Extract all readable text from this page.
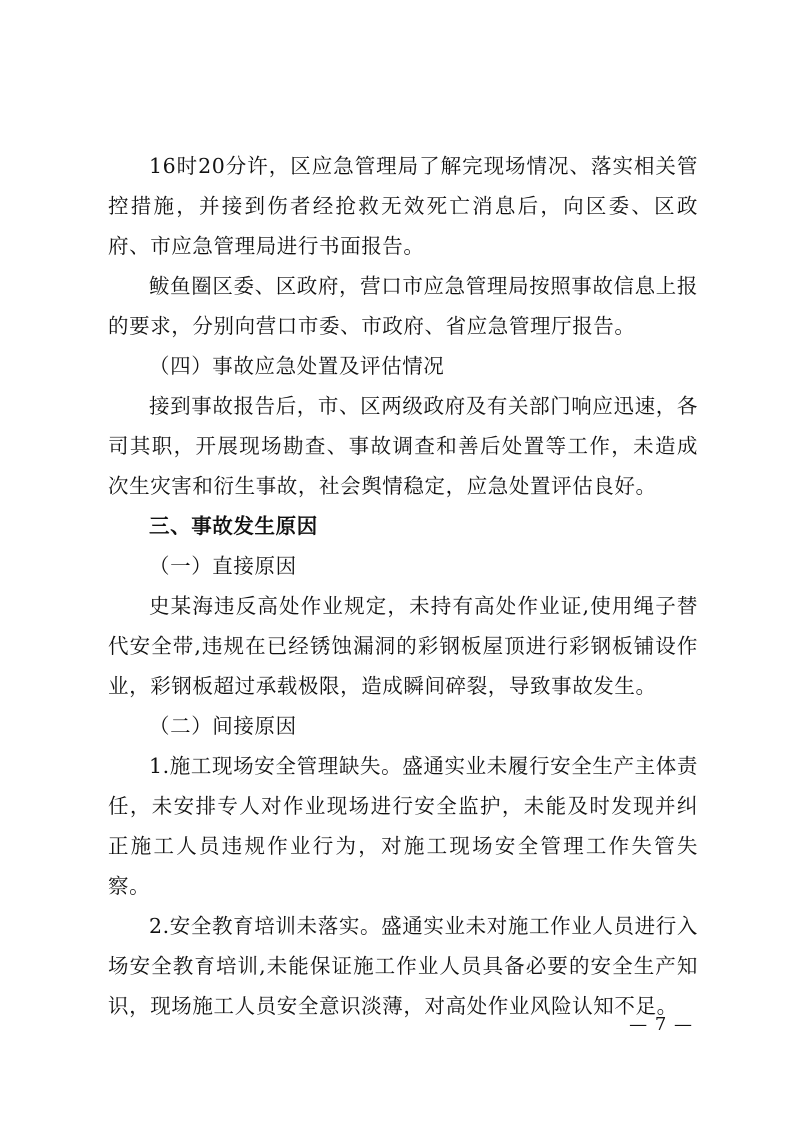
16时20分许，区应急管理局了解完现场情况、落实相关管控措施，并接到伤者经抢救无效死亡消息后，向区委、区政府、市应急管理局进行书面报告。

鲅鱼圈区委、区政府，营口市应急管理局按照事故信息上报的要求，分别向营口市委、市政府、省应急管理厅报告。

（四）事故应急处置及评估情况

接到事故报告后，市、区两级政府及有关部门响应迅速，各司其职，开展现场勘查、事故调查和善后处置等工作，未造成次生灾害和衍生事故，社会舆情稳定，应急处置评估良好。

三、事故发生原因

（一）直接原因

史某海违反高处作业规定，未持有高处作业证,使用绳子替代安全带,违规在已经锈蚀漏洞的彩钢板屋顶进行彩钢板铺设作业，彩钢板超过承载极限，造成瞬间碎裂，导致事故发生。

（二）间接原因

1.施工现场安全管理缺失。盛通实业未履行安全生产主体责任，未安排专人对作业现场进行安全监护，未能及时发现并纠正施工人员违规作业行为，对施工现场安全管理工作失管失察。

2.安全教育培训未落实。盛通实业未对施工作业人员进行入场安全教育培训,未能保证施工作业人员具备必要的安全生产知识，现场施工人员安全意识淡薄，对高处作业风险认知不足。

— 7 —
